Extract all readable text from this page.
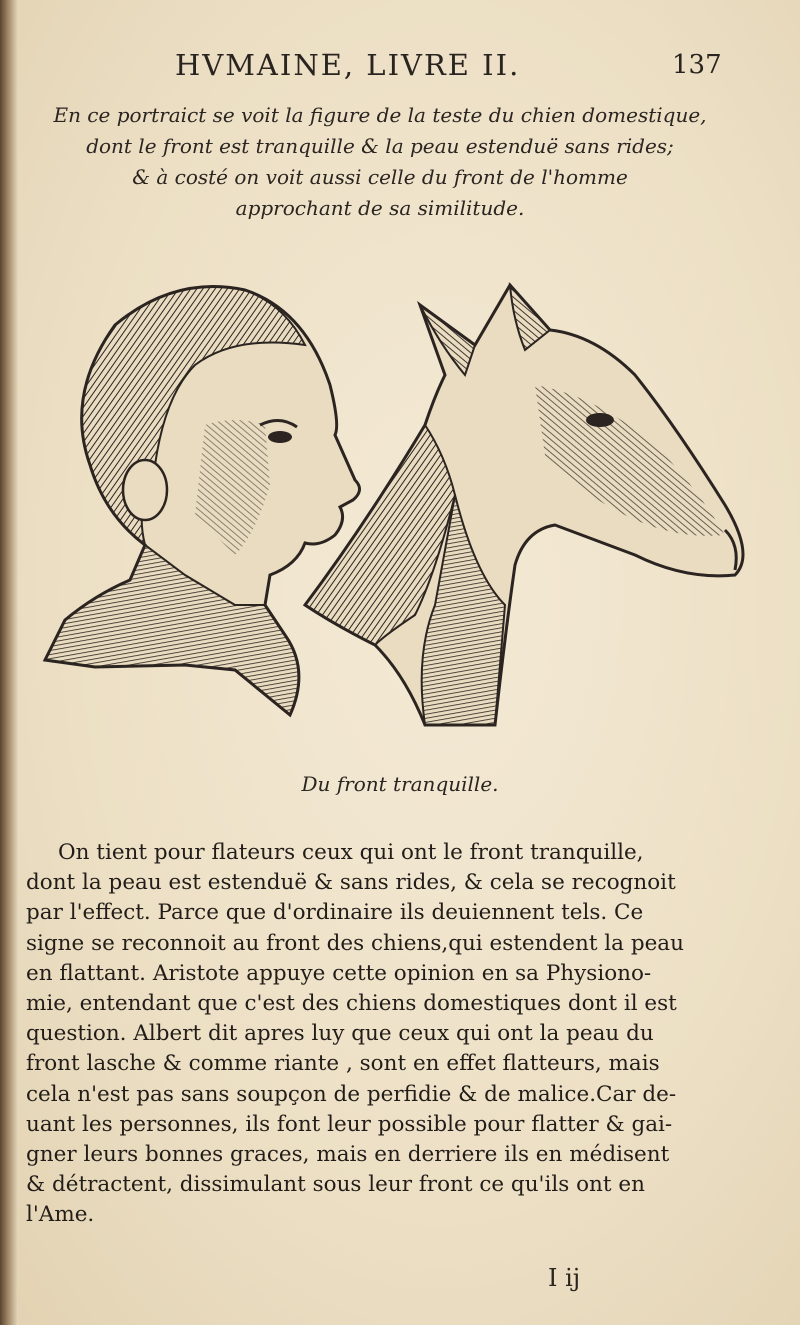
HVMAINE, LIVRE II.	137
En ce portraict se voit la figure de la teste du chien domestique,
dont le front est tranquille & la peau estenduë sans rides;
& à costé on voit aussi celle du front de l'homme
approchant de sa similitude.
Du front tranquille.
On tient pour flateurs ceux qui ont le front tranquille,
dont la peau est estenduë & sans rides, & cela se recognoit
par l'effect. Parce que d'ordinaire ils deuiennent tels. Ce
signe se reconnoit au front des chiens,qui estendent la peau
en flattant. Aristote appuye cette opinion en sa Physiono-
mie, entendant que c'est des chiens domestiques dont il est
question. Albert dit apres luy que ceux qui ont la peau du
front lasche & comme riante , sont en effet flatteurs, mais
cela n'est pas sans soupçon de perfidie & de malice.Car de-
uant les personnes, ils font leur possible pour flatter & gai-
gner leurs bonnes graces, mais en derriere ils en médisent
& détractent, dissimulant sous leur front ce qu'ils ont en
l'Ame.
I ij
